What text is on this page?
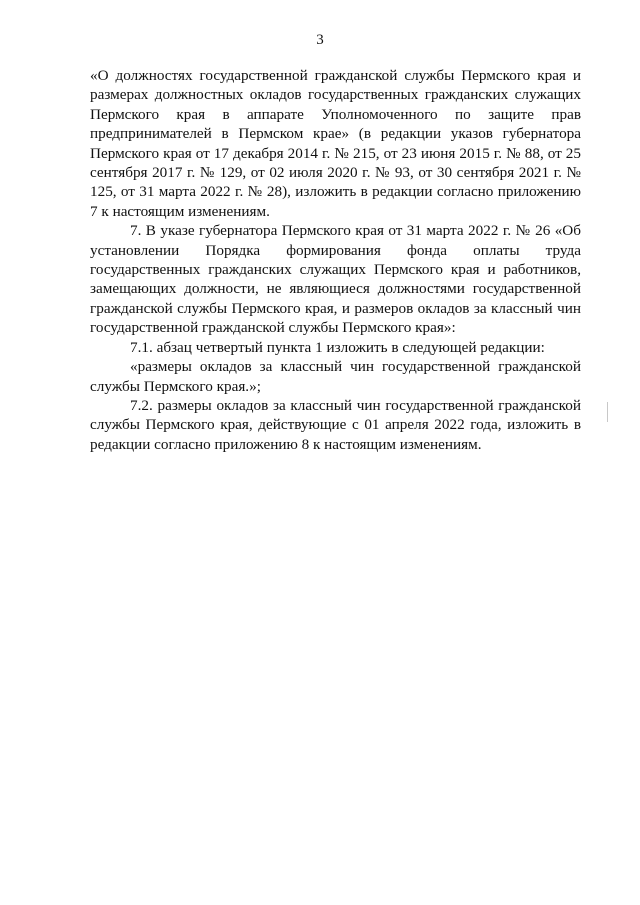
3

«О должностях государственной гражданской службы Пермского края и размерах должностных окладов государственных гражданских служащих Пермского края в аппарате Уполномоченного по защите прав предпринимателей в Пермском крае» (в редакции указов губернатора Пермского края от 17 декабря 2014 г. № 215, от 23 июня 2015 г. № 88, от 25 сентября 2017 г. № 129, от 02 июля 2020 г. № 93, от 30 сентября 2021 г. № 125, от 31 марта 2022 г. № 28), изложить в редакции согласно приложению 7 к настоящим изменениям.

7. В указе губернатора Пермского края от 31 марта 2022 г. № 26 «Об установлении Порядка формирования фонда оплаты труда государственных гражданских служащих Пермского края и работников, замещающих должности, не являющиеся должностями государственной гражданской службы Пермского края, и размеров окладов за классный чин государственной гражданской службы Пермского края»:

7.1. абзац четвертый пункта 1 изложить в следующей редакции:

«размеры окладов за классный чин государственной гражданской службы Пермского края.»;

7.2. размеры окладов за классный чин государственной гражданской службы Пермского края, действующие с 01 апреля 2022 года, изложить в редакции согласно приложению 8 к настоящим изменениям.
